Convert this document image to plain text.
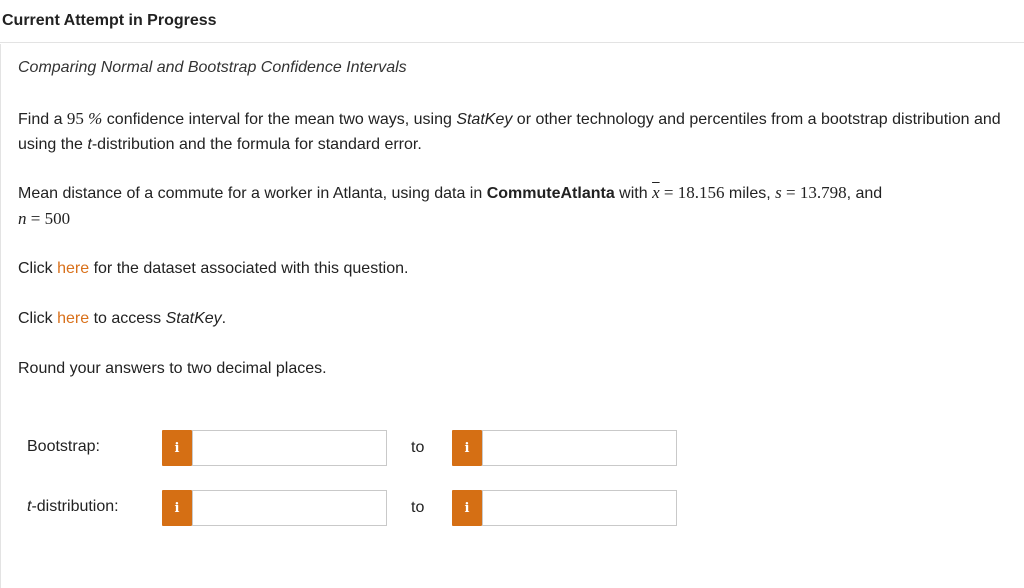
Current Attempt in Progress
Comparing Normal and Bootstrap Confidence Intervals
Find a 95 % confidence interval for the mean two ways, using StatKey or other technology and percentiles from a bootstrap distribution and using the t-distribution and the formula for standard error.
Mean distance of a commute for a worker in Atlanta, using data in CommuteAtlanta with $\overline{x} = 18.156$ miles, s = 13.798, and
n = 500
Click here for the dataset associated with this question.
Click here to access StatKey.
Round your answers to two decimal places.
Bootstrap:	i	to	i
t-distribution:	i	to	i
